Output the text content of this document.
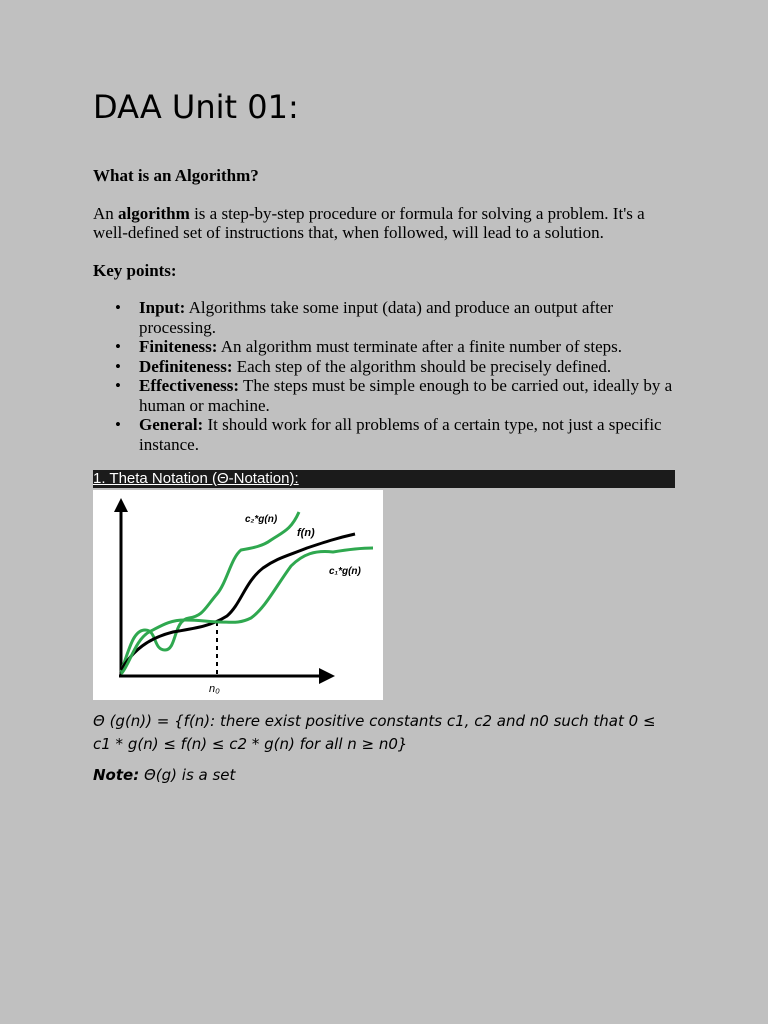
DAA Unit 01:

What is an Algorithm?

An algorithm is a step-by-step procedure or formula for solving a problem. It's a well-defined set of instructions that, when followed, will lead to a solution.

Key points:

• Input: Algorithms take some input (data) and produce an output after processing.
• Finiteness: An algorithm must terminate after a finite number of steps.
• Definiteness: Each step of the algorithm should be precisely defined.
• Effectiveness: The steps must be simple enough to be carried out, ideally by a human or machine.
• General: It should work for all problems of a certain type, not just a specific instance.
1. Theta Notation (Θ-Notation):
c₂*g(n)
f(n)
c₁*g(n)
n₀

Θ (g(n)) = {f(n): there exist positive constants c1, c2 and n0 such that 0 ≤ c1 * g(n) ≤ f(n) ≤ c2 * g(n) for all n ≥ n0}

Note: Θ(g) is a set
